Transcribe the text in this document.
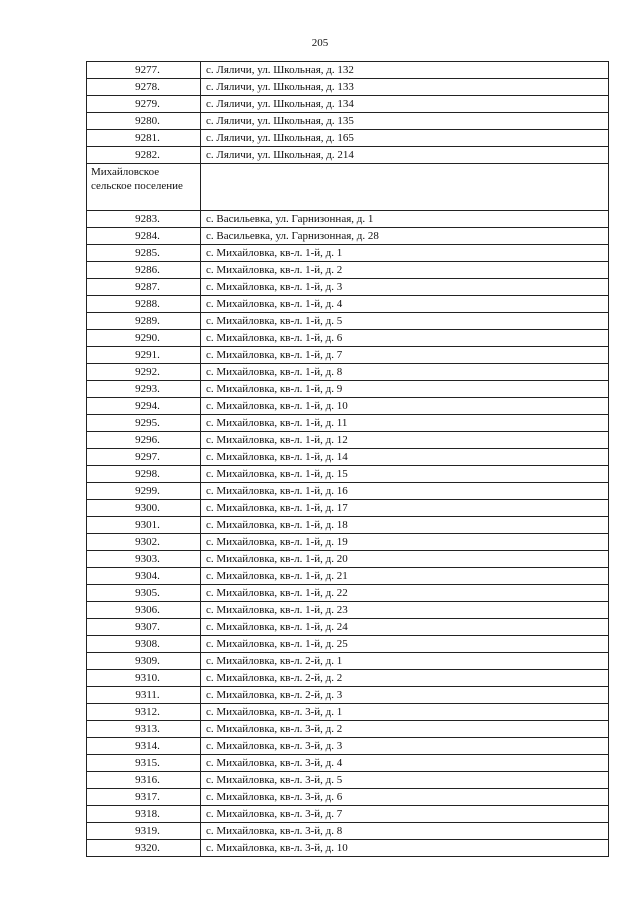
205
9277.	с. Ляличи, ул. Школьная, д. 132
9278.	с. Ляличи, ул. Школьная, д. 133
9279.	с. Ляличи, ул. Школьная, д. 134
9280.	с. Ляличи, ул. Школьная, д. 135
9281.	с. Ляличи, ул. Школьная, д. 165
9282.	с. Ляличи, ул. Школьная, д. 214
Михайловское сельское поселение	
9283.	с. Васильевка, ул. Гарнизонная, д. 1
9284.	с. Васильевка, ул. Гарнизонная, д. 28
9285.	с. Михайловка, кв-л. 1-й, д. 1
9286.	с. Михайловка, кв-л. 1-й, д. 2
9287.	с. Михайловка, кв-л. 1-й, д. 3
9288.	с. Михайловка, кв-л. 1-й, д. 4
9289.	с. Михайловка, кв-л. 1-й, д. 5
9290.	с. Михайловка, кв-л. 1-й, д. 6
9291.	с. Михайловка, кв-л. 1-й, д. 7
9292.	с. Михайловка, кв-л. 1-й, д. 8
9293.	с. Михайловка, кв-л. 1-й, д. 9
9294.	с. Михайловка, кв-л. 1-й, д. 10
9295.	с. Михайловка, кв-л. 1-й, д. 11
9296.	с. Михайловка, кв-л. 1-й, д. 12
9297.	с. Михайловка, кв-л. 1-й, д. 14
9298.	с. Михайловка, кв-л. 1-й, д. 15
9299.	с. Михайловка, кв-л. 1-й, д. 16
9300.	с. Михайловка, кв-л. 1-й, д. 17
9301.	с. Михайловка, кв-л. 1-й, д. 18
9302.	с. Михайловка, кв-л. 1-й, д. 19
9303.	с. Михайловка, кв-л. 1-й, д. 20
9304.	с. Михайловка, кв-л. 1-й, д. 21
9305.	с. Михайловка, кв-л. 1-й, д. 22
9306.	с. Михайловка, кв-л. 1-й, д. 23
9307.	с. Михайловка, кв-л. 1-й, д. 24
9308.	с. Михайловка, кв-л. 1-й, д. 25
9309.	с. Михайловка, кв-л. 2-й, д. 1
9310.	с. Михайловка, кв-л. 2-й, д. 2
9311.	с. Михайловка, кв-л. 2-й, д. 3
9312.	с. Михайловка, кв-л. 3-й, д. 1
9313.	с. Михайловка, кв-л. 3-й, д. 2
9314.	с. Михайловка, кв-л. 3-й, д. 3
9315.	с. Михайловка, кв-л. 3-й, д. 4
9316.	с. Михайловка, кв-л. 3-й, д. 5
9317.	с. Михайловка, кв-л. 3-й, д. 6
9318.	с. Михайловка, кв-л. 3-й, д. 7
9319.	с. Михайловка, кв-л. 3-й, д. 8
9320.	с. Михайловка, кв-л. 3-й, д. 10
